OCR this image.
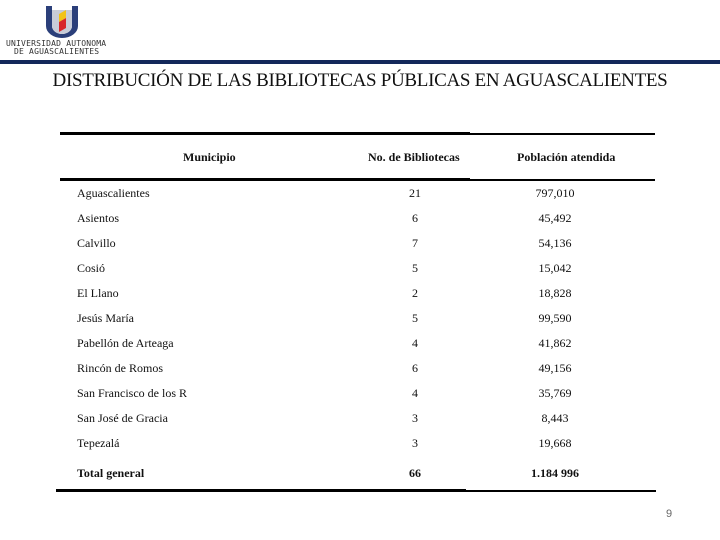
UNIVERSIDAD AUTONOMA
DE AGUASCALIENTES
DISTRIBUCIÓN DE LAS BIBLIOTECAS PÚBLICAS EN AGUASCALIENTES
Municipio	No. de Bibliotecas	Población atendida
Aguascalientes	21	797,010
Asientos	6	45,492
Calvillo	7	54,136
Cosió	5	15,042
El Llano	2	18,828
Jesús María	5	99,590
Pabellón de Arteaga	4	41,862
Rincón de Romos	6	49,156
San Francisco de los R	4	35,769
San José de Gracia	3	8,443
Tepezalá	3	19,668
Total general	66	1.184 996
9
